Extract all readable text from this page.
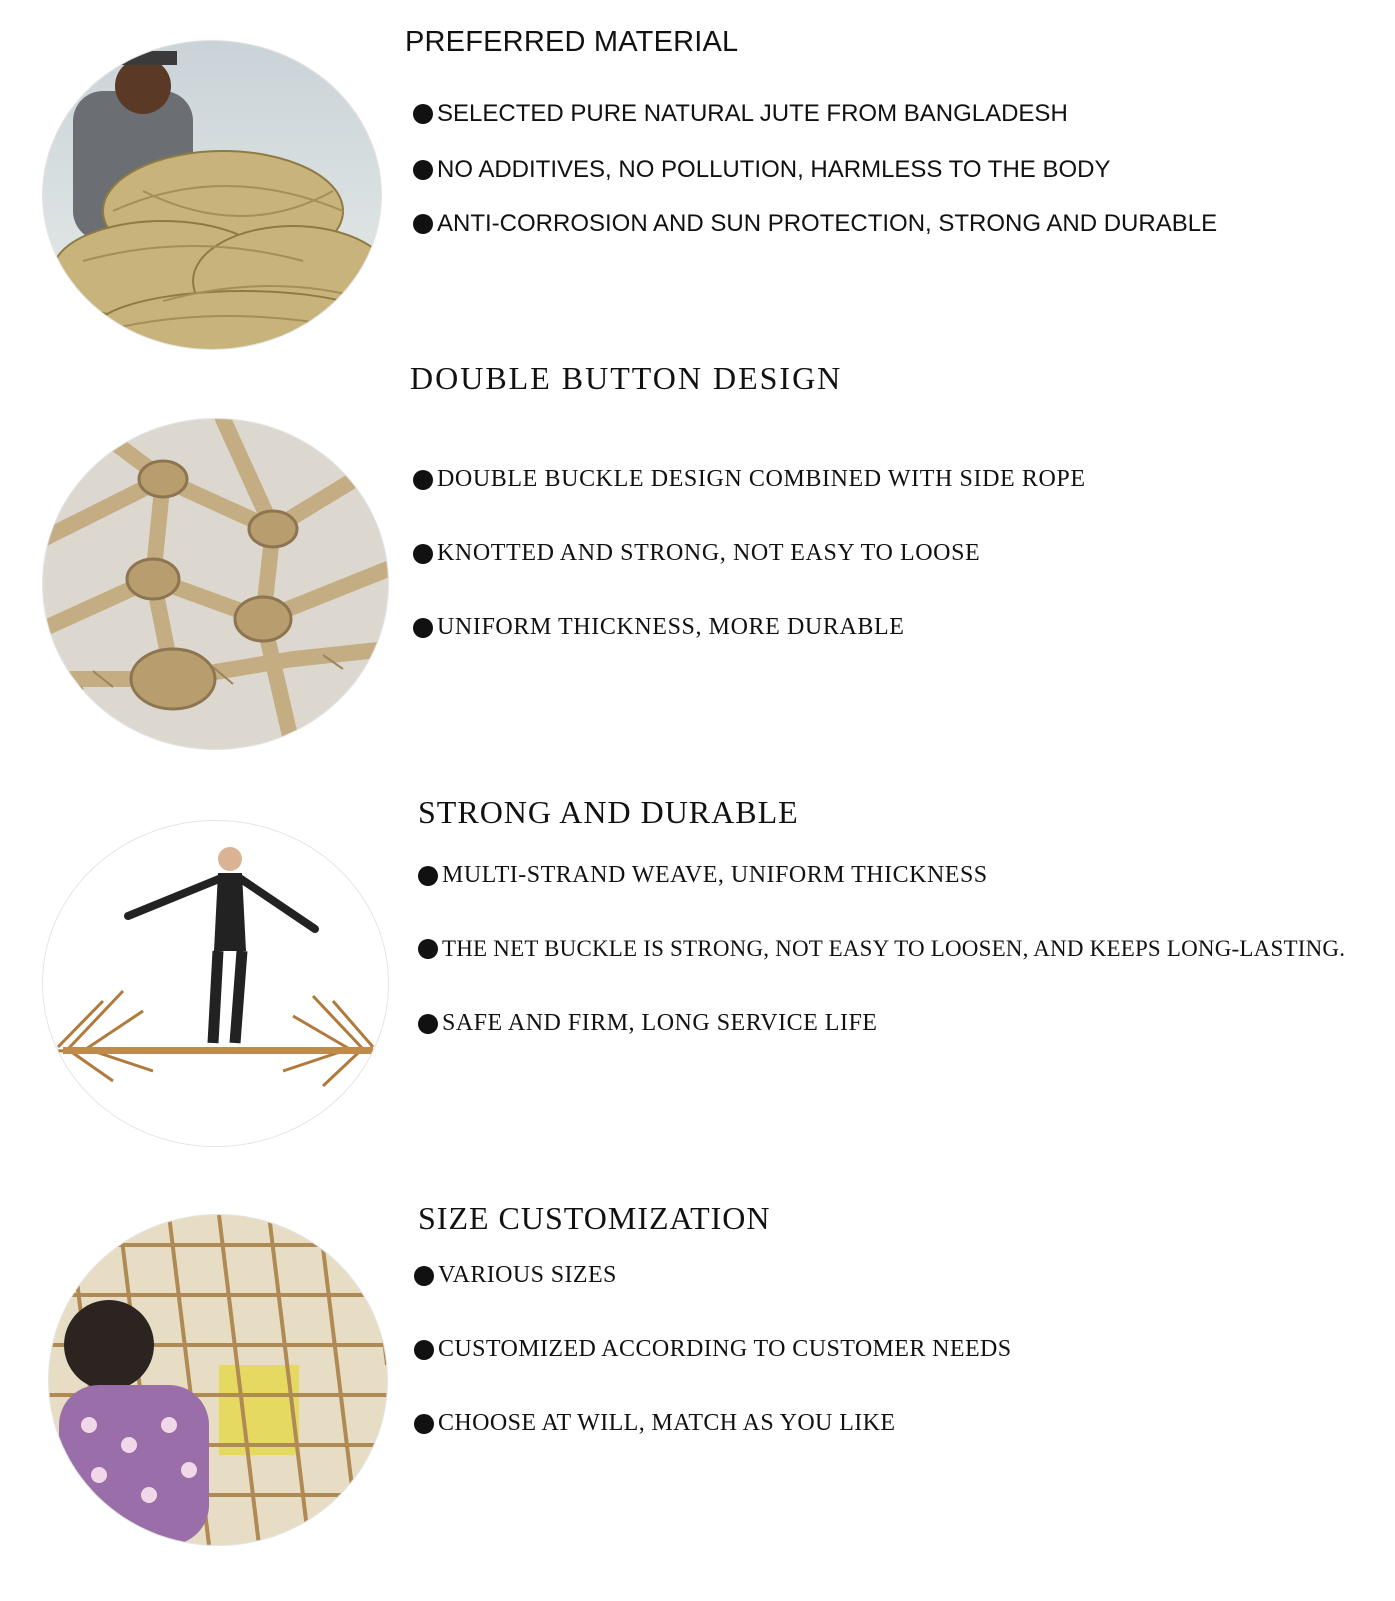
PREFERRED MATERIAL
SELECTED PURE NATURAL JUTE FROM BANGLADESH
NO ADDITIVES, NO POLLUTION, HARMLESS TO THE BODY
ANTI-CORROSION AND SUN PROTECTION, STRONG AND DURABLE
DOUBLE BUTTON DESIGN
DOUBLE BUCKLE DESIGN COMBINED WITH SIDE ROPE
KNOTTED AND STRONG, NOT EASY TO LOOSE
UNIFORM THICKNESS, MORE DURABLE
STRONG AND DURABLE
MULTI-STRAND WEAVE, UNIFORM THICKNESS
THE NET BUCKLE IS STRONG, NOT EASY TO LOOSEN, AND KEEPS LONG-LASTING.
SAFE AND FIRM, LONG SERVICE LIFE
SIZE CUSTOMIZATION
VARIOUS SIZES
CUSTOMIZED ACCORDING TO CUSTOMER NEEDS
CHOOSE AT WILL, MATCH AS YOU LIKE
